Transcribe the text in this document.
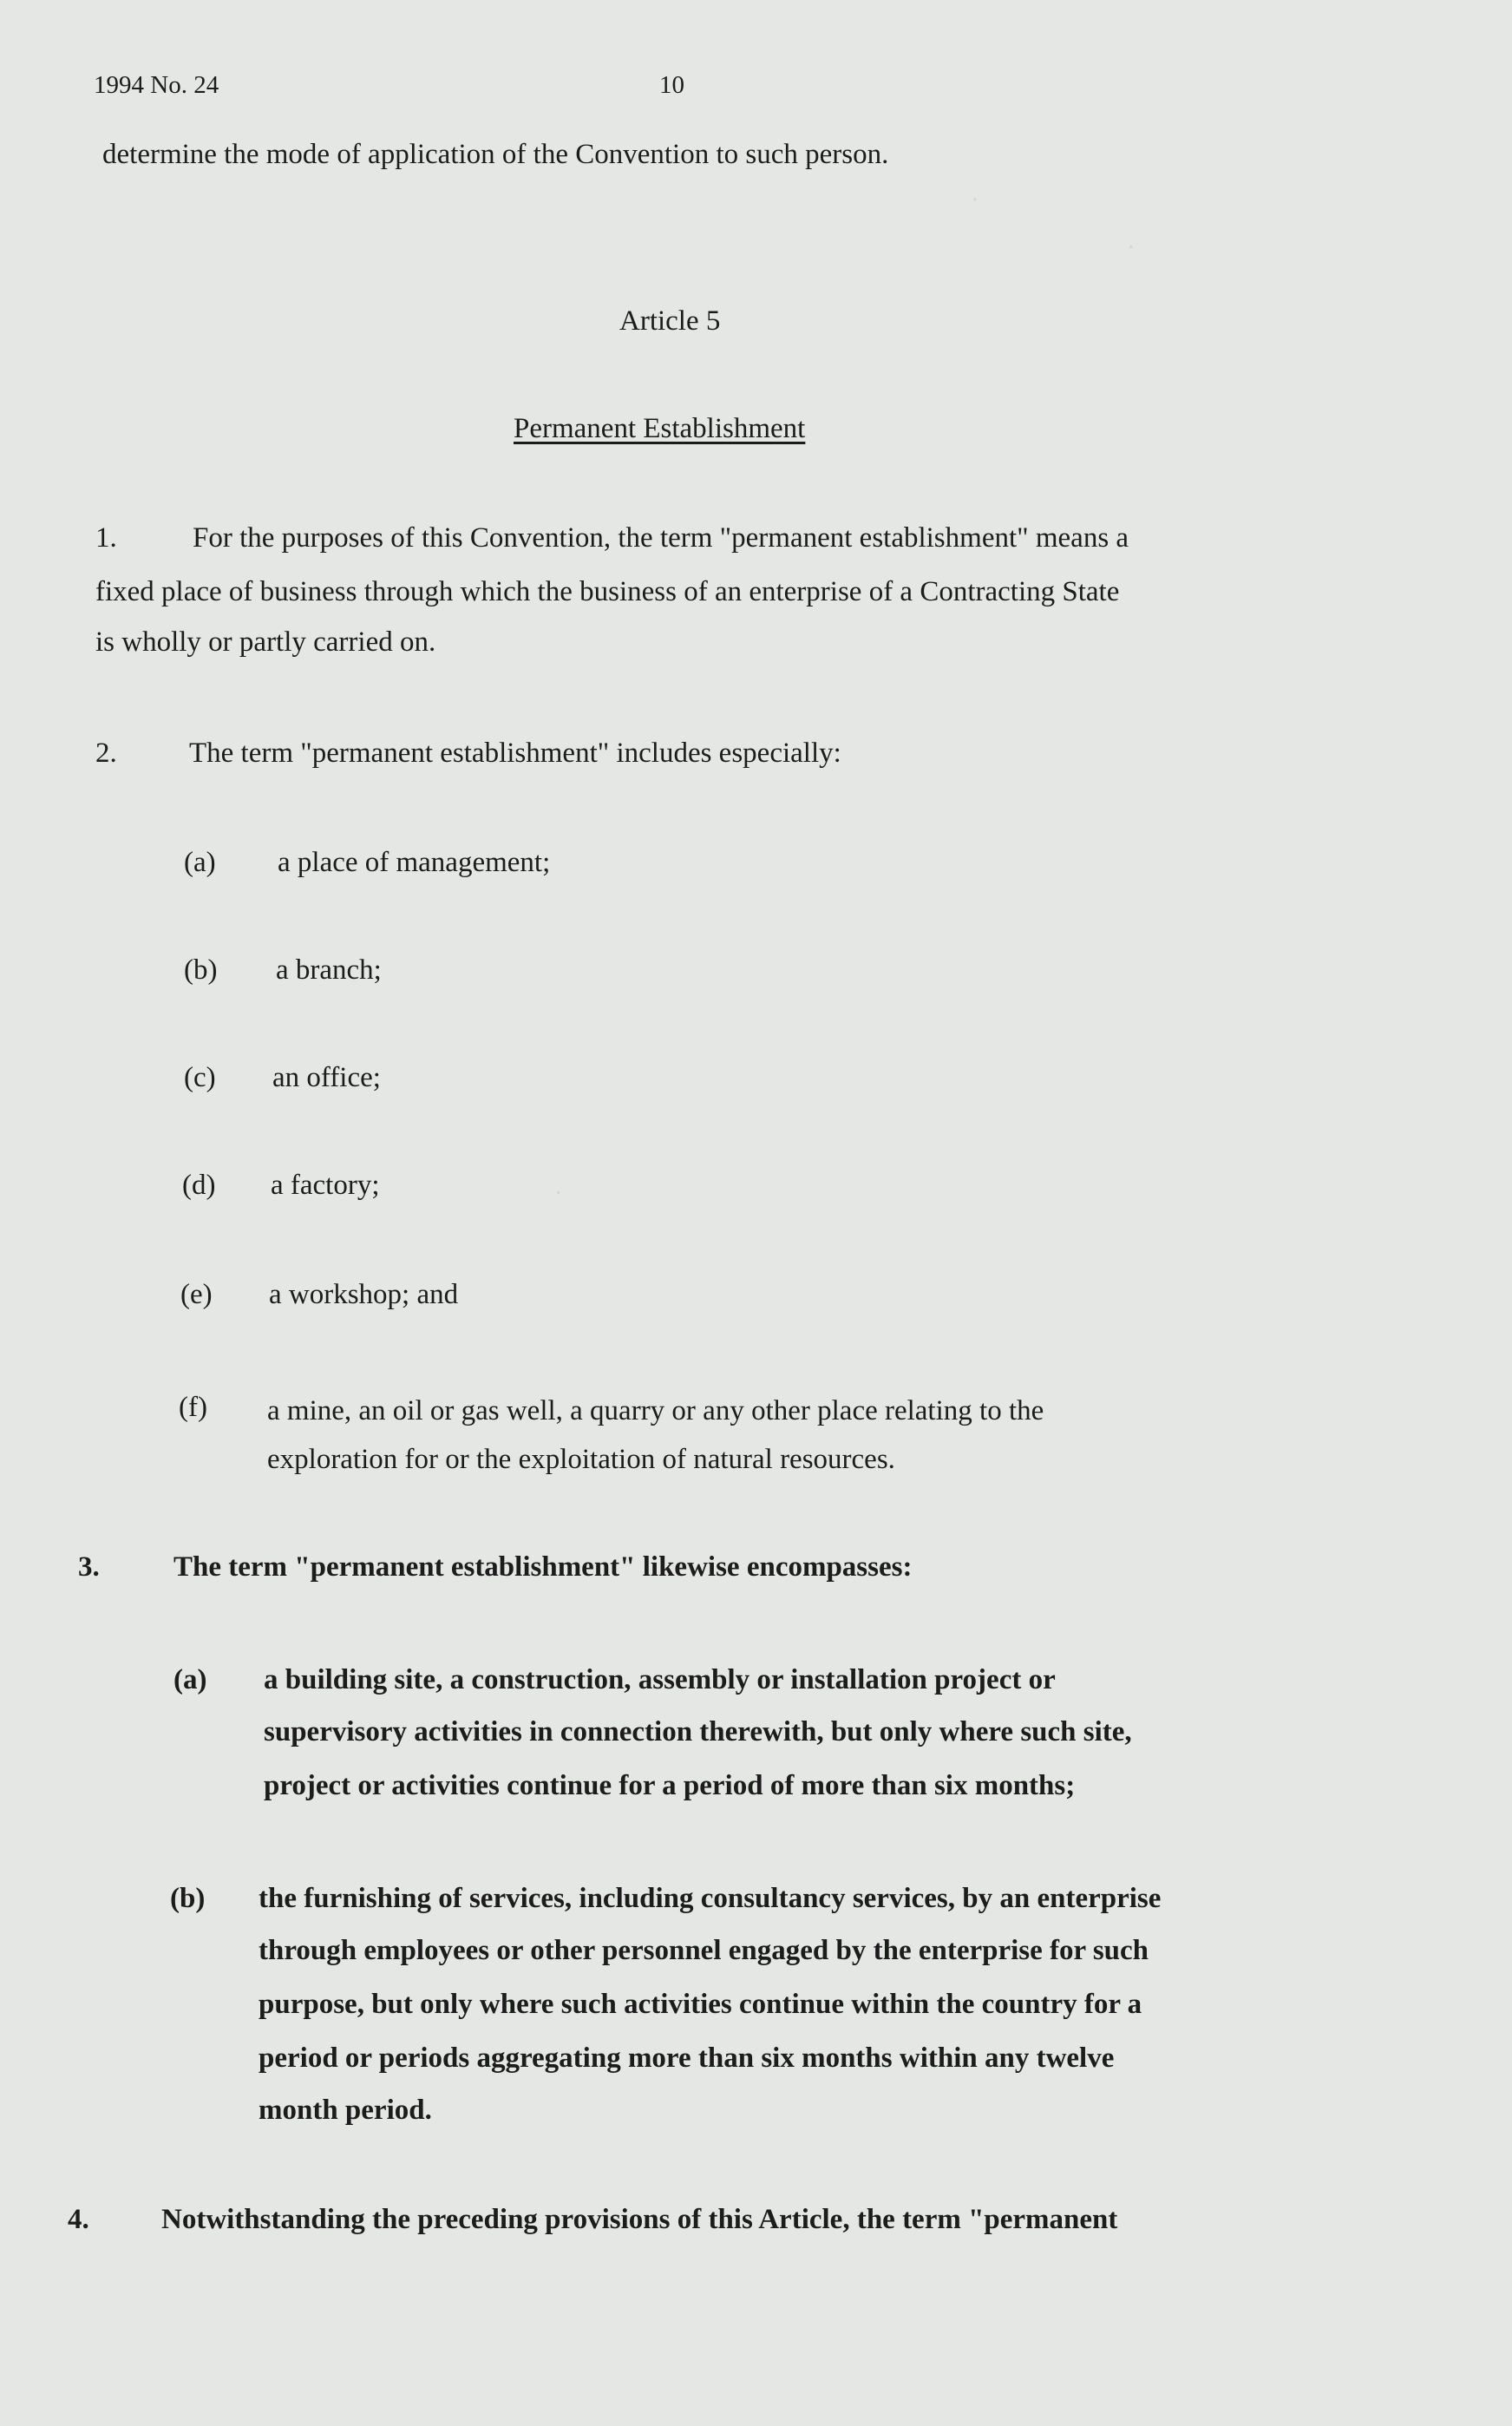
.
.
.
1994 No. 24	10
determine the mode of application of the Convention to such person.
Article 5
Permanent Establishment
1.	For the purposes of this Convention, the term "permanent establishment" means a
fixed place of business through which the business of an enterprise of a Contracting State
is wholly or partly carried on.
2.	The term "permanent establishment" includes especially:
(a) a place of management;
(b) a branch;
(c) an office;
(d) a factory;
(e) a workshop; and
(f) a mine, an oil or gas well, a quarry or any other place relating to the
exploration for or the exploitation of natural resources.
3.	The term "permanent establishment" likewise encompasses:
(a) a building site, a construction, assembly or installation project or
supervisory activities in connection therewith, but only where such site,
project or activities continue for a period of more than six months;
(b) the furnishing of services, including consultancy services, by an enterprise
through employees or other personnel engaged by the enterprise for such
purpose, but only where such activities continue within the country for a
period or periods aggregating more than six months within any twelve
month period.
4.	Notwithstanding the preceding provisions of this Article, the term "permanent
